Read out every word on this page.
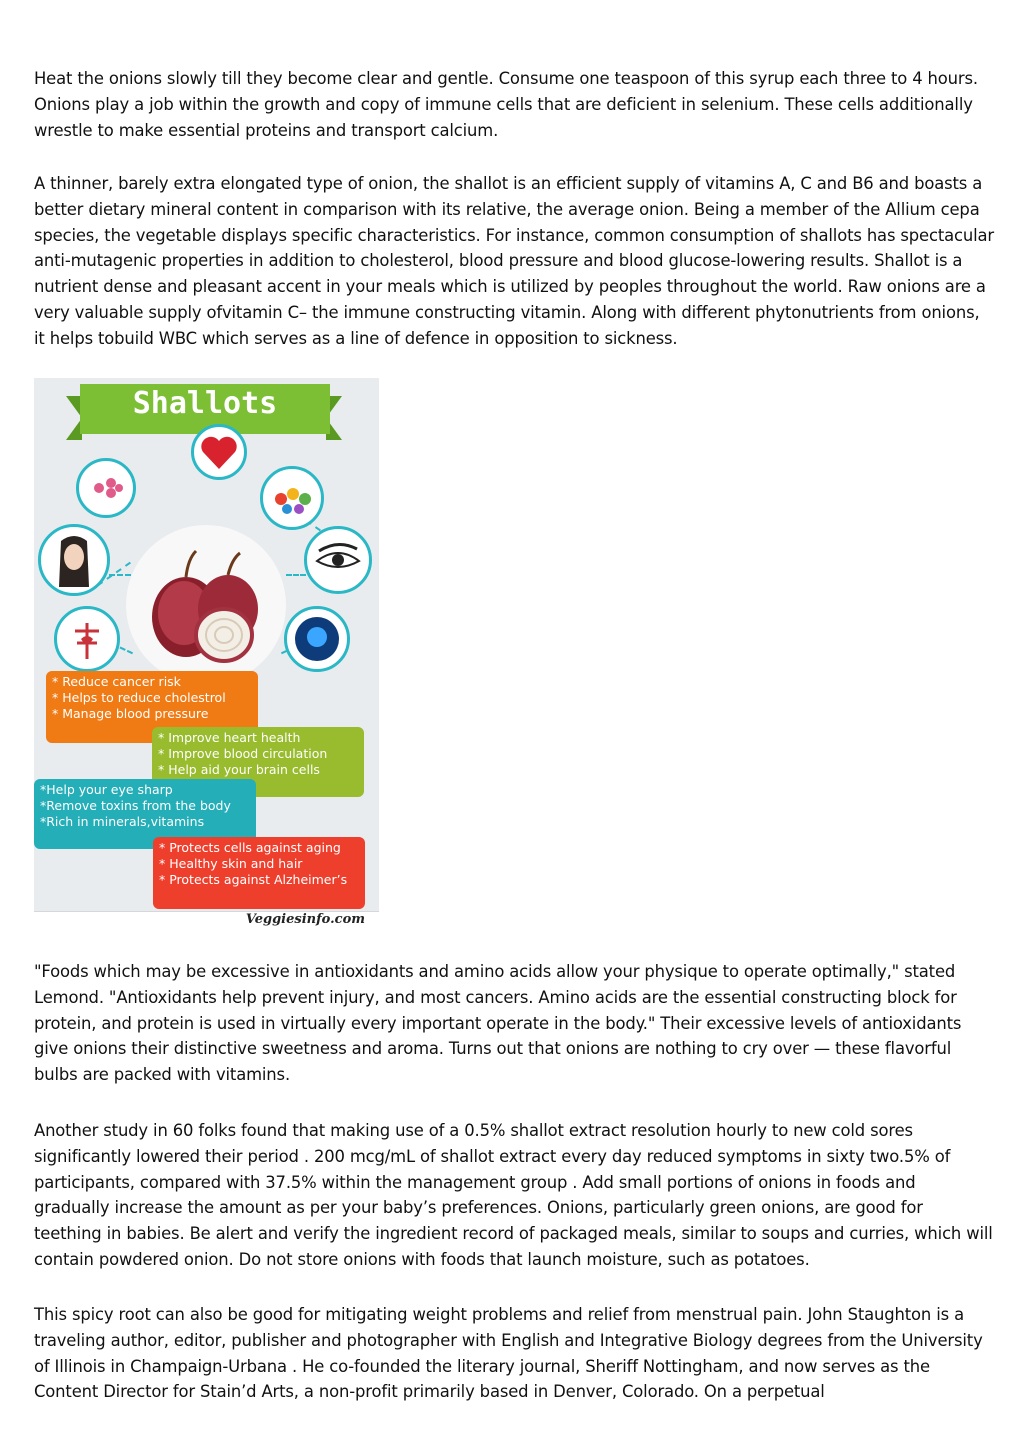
Heat the onions slowly till they become clear and gentle. Consume one teaspoon of this syrup each three to 4 hours. Onions play a job within the growth and copy of immune cells that are deficient in selenium. These cells additionally wrestle to make essential proteins and transport calcium.

A thinner, barely extra elongated type of onion, the shallot is an efficient supply of vitamins A, C and B6 and boasts a better dietary mineral content in comparison with its relative, the average onion. Being a member of the Allium cepa species, the vegetable displays specific characteristics. For instance, common consumption of shallots has spectacular anti-mutagenic properties in addition to cholesterol, blood pressure and blood glucose-lowering results. Shallot is a nutrient dense and pleasant accent in your meals which is utilized by peoples throughout the world. Raw onions are a very valuable supply ofvitamin C– the immune constructing vitamin. Along with different phytonutrients from onions, it helps tobuild WBC which serves as a line of defence in opposition to sickness.

Shallots
* Reduce cancer risk
* Helps to reduce cholestrol
* Manage blood pressure
* Improve heart health
* Improve blood circulation
* Help aid your brain cells
*Help your eye sharp
*Remove toxins from the body
*Rich in minerals,vitamins
* Protects cells against aging
* Healthy skin and hair
* Protects against Alzheimer’s
Veggiesinfo.com

"Foods which may be excessive in antioxidants and amino acids allow your physique to operate optimally," stated Lemond. "Antioxidants help prevent injury, and most cancers. Amino acids are the essential constructing block for protein, and protein is used in virtually every important operate in the body." Their excessive levels of antioxidants give onions their distinctive sweetness and aroma. Turns out that onions are nothing to cry over — these flavorful bulbs are packed with vitamins.

Another study in 60 folks found that making use of a 0.5% shallot extract resolution hourly to new cold sores significantly lowered their period . 200 mcg/mL of shallot extract every day reduced symptoms in sixty two.5% of participants, compared with 37.5% within the management group . Add small portions of onions in foods and gradually increase the amount as per your baby’s preferences. Onions, particularly green onions, are good for teething in babies. Be alert and verify the ingredient record of packaged meals, similar to soups and curries, which will contain powdered onion. Do not store onions with foods that launch moisture, such as potatoes.

This spicy root can also be good for mitigating weight problems and relief from menstrual pain. John Staughton is a traveling author, editor, publisher and photographer with English and Integrative Biology degrees from the University of Illinois in Champaign-Urbana . He co-founded the literary journal, Sheriff Nottingham, and now serves as the Content Director for Stain’d Arts, a non-profit primarily based in Denver, Colorado. On a perpetual
